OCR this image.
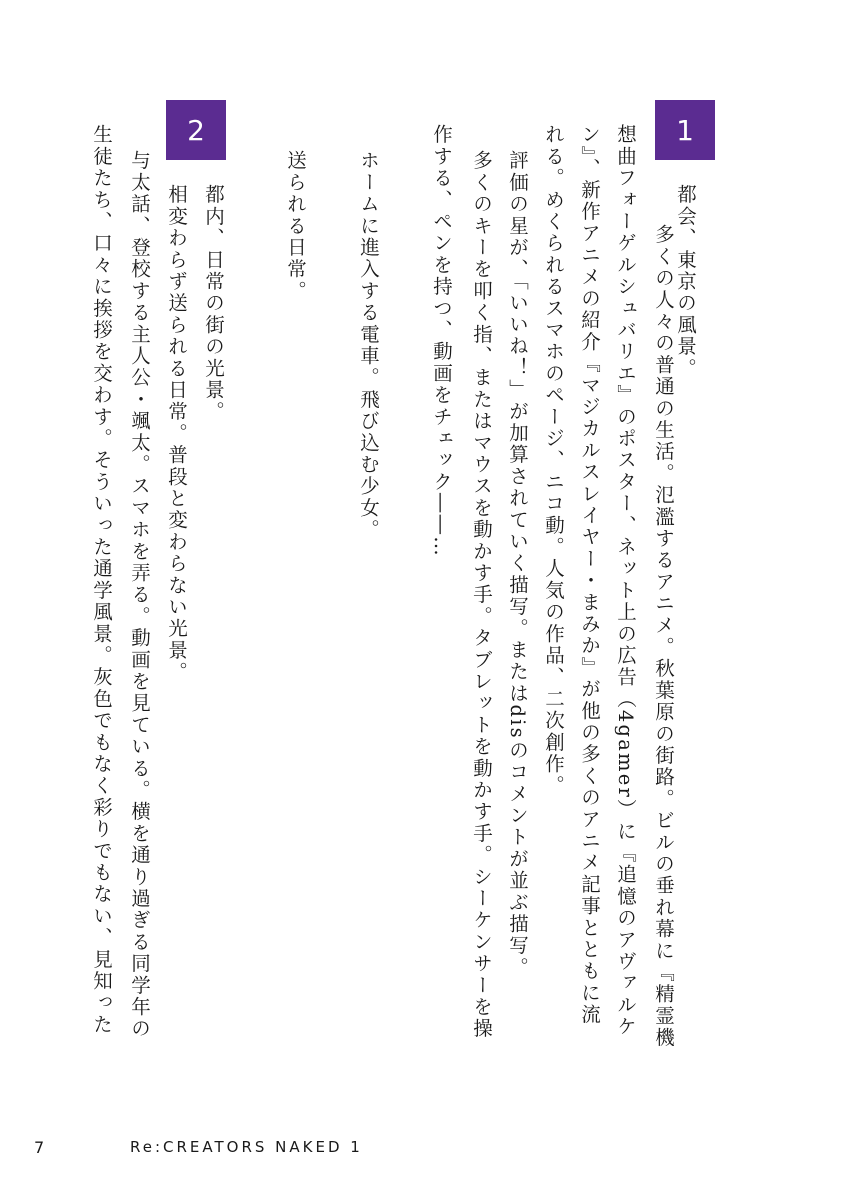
1
都会、東京の風景。
多くの人々の普通の生活。氾濫するアニメ。秋葉原の街路。ビルの垂れ幕に『精霊機
想曲フォーゲルシュバリエ』のポスター、ネット上の広告（4gamer）に『追憶のアヴァルケ
ン』、新作アニメの紹介『マジカルスレイヤー・まみか』が他の多くのアニメ記事とともに流
れる。めくられるスマホのページ、ニコ動。人気の作品、二次創作。
評価の星が、「いいね！」が加算されていく描写。またはdisのコメントが並ぶ描写。
多くのキーを叩く指、またはマウスを動かす手。タブレットを動かす手。シーケンサーを操
作する、ペンを持つ、動画をチェック――…
ホームに進入する電車。飛び込む少女。
送られる日常。
2
都内、日常の街の光景。
相変わらず送られる日常。普段と変わらない光景。
与太話、登校する主人公・颯太。スマホを弄る。動画を見ている。横を通り過ぎる同学年の
生徒たち、口々に挨拶を交わす。そういった通学風景。灰色でもなく彩りでもない、見知った
7	Re:CREATORS NAKED 1
